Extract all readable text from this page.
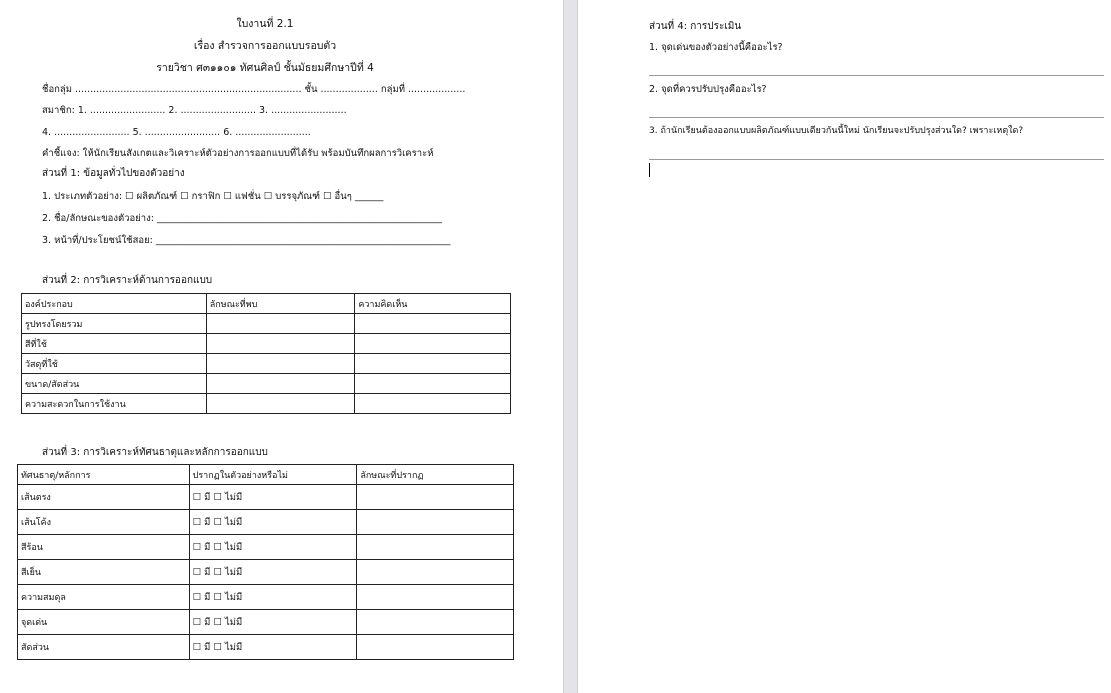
ใบงานที่ 2.1
เรื่อง สำรวจการออกแบบรอบตัว
รายวิชา ศ๓๑๑๐๑ ทัศนศิลป์ ชั้นมัธยมศึกษาปีที่ 4
ชื่อกลุ่ม ........................................................................... ชั้น ................... กลุ่มที่ ...................
สมาชิก: 1. ......................... 2. ......................... 3. .........................
4. ......................... 5. ......................... 6. .........................
คำชี้แจง: ให้นักเรียนสังเกตและวิเคราะห์ตัวอย่างการออกแบบที่ได้รับ พร้อมบันทึกผลการวิเคราะห์
ส่วนที่ 1: ข้อมูลทั่วไปของตัวอย่าง
1. ประเภทตัวอย่าง: ☐ ผลิตภัณฑ์ ☐ กราฟิก ☐ แฟชั่น ☐ บรรจุภัณฑ์ ☐ อื่นๆ ______
2. ชื่อ/ลักษณะของตัวอย่าง: ____________________________________________________________
3. หน้าที่/ประโยชน์ใช้สอย: ______________________________________________________________
ส่วนที่ 2: การวิเคราะห์ด้านการออกแบบ
องค์ประกอบ	ลักษณะที่พบ	ความคิดเห็น
รูปทรงโดยรวม		
สีที่ใช้		
วัสดุที่ใช้		
ขนาด/สัดส่วน		
ความสะดวกในการใช้งาน		
ส่วนที่ 3: การวิเคราะห์ทัศนธาตุและหลักการออกแบบ
ทัศนธาตุ/หลักการ	ปรากฏในตัวอย่างหรือไม่	ลักษณะที่ปรากฏ
เส้นตรง	☐ มี ☐ ไม่มี	
เส้นโค้ง	☐ มี ☐ ไม่มี	
สีร้อน	☐ มี ☐ ไม่มี	
สีเย็น	☐ มี ☐ ไม่มี	
ความสมดุล	☐ มี ☐ ไม่มี	
จุดเด่น	☐ มี ☐ ไม่มี	
สัดส่วน	☐ มี ☐ ไม่มี	
ส่วนที่ 4: การประเมิน
1. จุดเด่นของตัวอย่างนี้คืออะไร?
2. จุดที่ควรปรับปรุงคืออะไร?
3. ถ้านักเรียนต้องออกแบบผลิตภัณฑ์แบบเดียวกันนี้ใหม่ นักเรียนจะปรับปรุงส่วนใด? เพราะเหตุใด?
